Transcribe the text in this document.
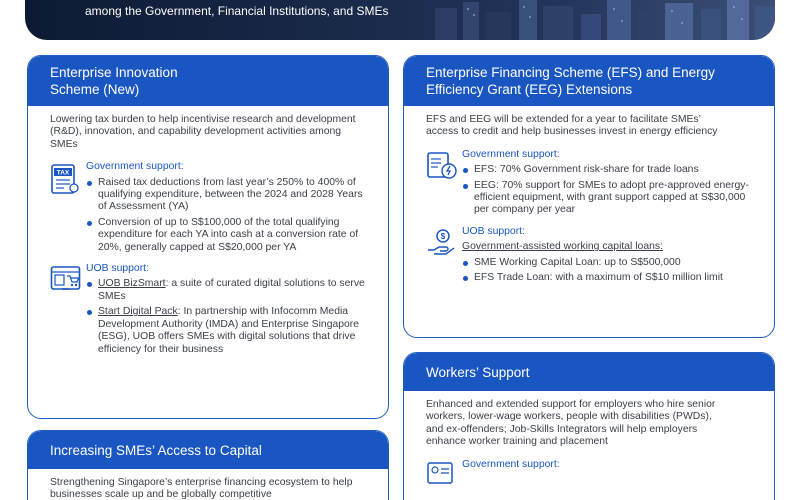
among the Government, Financial Institutions, and SMEs
Enterprise Innovation Scheme (New)

Lowering tax burden to help incentivise research and development (R&D), innovation, and capability development activities among SMEs

TAX
Government support:
Raised tax deductions from last year’s 250% to 400% of qualifying expenditure, between the 2024 and 2028 Years of Assessment (YA)
Conversion of up to S$100,000 of the total qualifying expenditure for each YA into cash at a conversion rate of 20%, generally capped at S$20,000 per YA
UOB support:
UOB BizSmart: a suite of curated digital solutions to serve SMEs
Start Digital Pack: In partnership with Infocomm Media Development Authority (IMDA) and Enterprise Singapore (ESG), UOB offers SMEs with digital solutions that drive efficiency for their business
Enterprise Financing Scheme (EFS) and Energy Efficiency Grant (EEG) Extensions

EFS and EEG will be extended for a year to facilitate SMEs’ access to credit and help businesses invest in energy efficiency

Government support:
EFS: 70% Government risk-share for trade loans
EEG: 70% support for SMEs to adopt pre-approved energy-efficient equipment, with grant support capped at S$30,000 per company per year
$ UOB support:
Government-assisted working capital loans:
SME Working Capital Loan: up to S$500,000
EFS Trade Loan: with a maximum of S$10 million limit
Workers’ Support

Enhanced and extended support for employers who hire senior workers, lower-wage workers, people with disabilities (PWDs), and ex-offenders; Job-Skills Integrators will help employers enhance worker training and placement

Government support:
Increasing SMEs’ Access to Capital

Strengthening Singapore’s enterprise financing ecosystem to help businesses scale up and be globally competitive
